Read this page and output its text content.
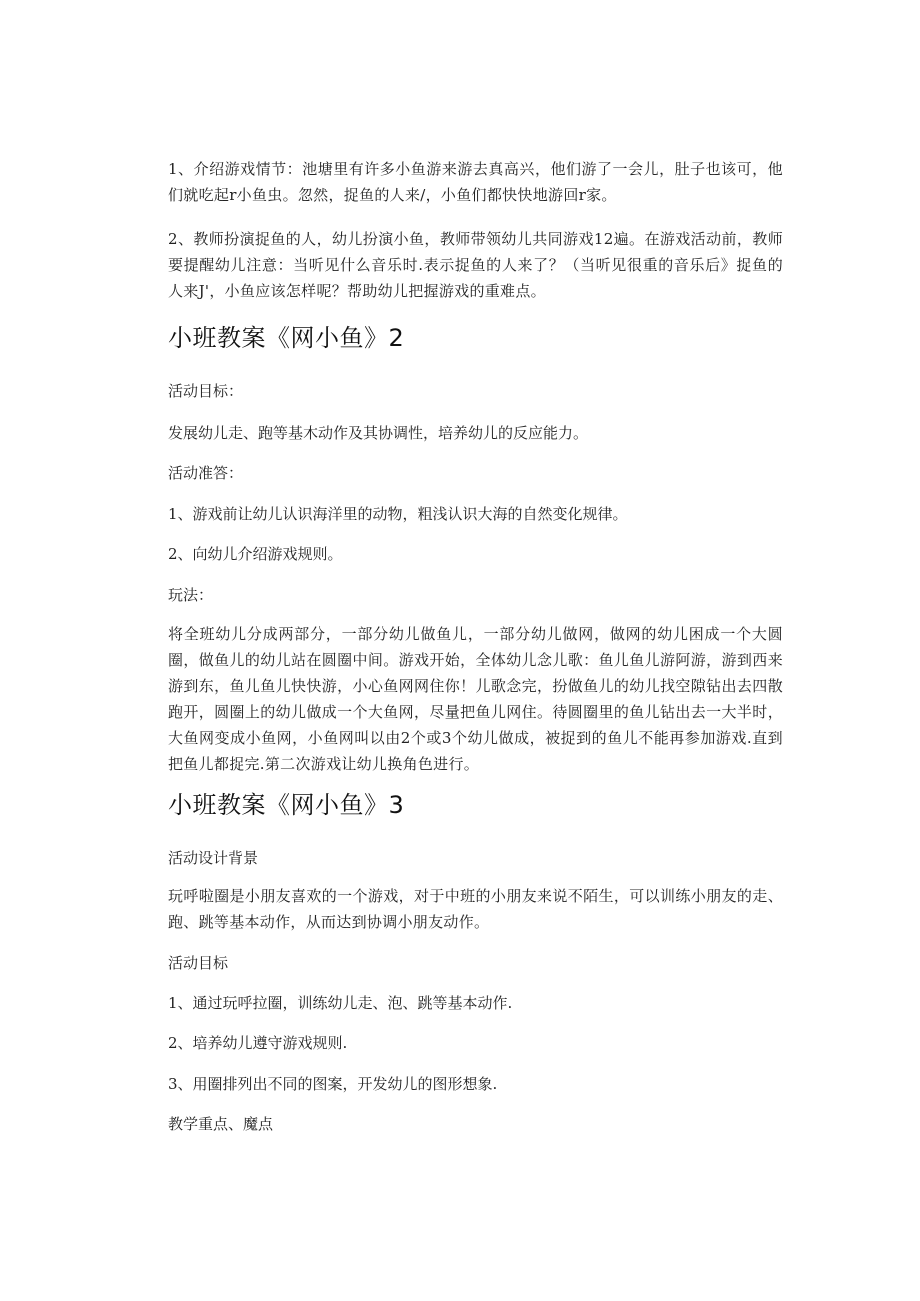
1、介绍游戏情节：池塘里有许多小鱼游来游去真高兴，他们游了一会儿，肚子也该可，他们就吃起r小鱼虫。忽然，捉鱼的人来/，小鱼们都快快地游回r家。

2、教师扮演捉鱼的人，幼儿扮演小鱼，教师带领幼儿共同游戏12遍。在游戏活动前，教师要提醒幼儿注意：当听见什么音乐时.表示捉鱼的人来了？（当听见很重的音乐后》捉鱼的人来J'，小鱼应该怎样呢？帮助幼儿把握游戏的重难点。

小班教案《网小鱼》2

活动目标：

发展幼儿走、跑等基木动作及其协调性，培养幼儿的反应能力。

活动准答：

1、游戏前让幼儿认识海洋里的动物，粗浅认识大海的自然变化规律。

2、向幼儿介绍游戏规则。

玩法：

将全班幼儿分成两部分，一部分幼儿做鱼儿，一部分幼儿做网，做网的幼儿困成一个大圆圈，做鱼儿的幼儿站在圆圈中间。游戏开始，全体幼儿念儿歌：鱼儿鱼儿游阿游，游到西来游到东，鱼儿鱼儿快快游，小心鱼网网住你！儿歌念完，扮做鱼儿的幼儿找空隙钻出去四散跑开，圆圈上的幼儿做成一个大鱼网，尽量把鱼儿网住。待圆圈里的鱼儿钻出去一大半时，大鱼网变成小鱼网，小鱼网叫以由2个或3个幼儿做成，被捉到的鱼儿不能再参加游戏.直到把鱼儿都捉完.第二次游戏让幼儿换角色进行。

小班教案《网小鱼》3

活动设计背景

玩呼啦圈是小朋友喜欢的一个游戏，对于中班的小朋友来说不陌生，可以训练小朋友的走、跑、跳等基本动作，从而达到协调小朋友动作。

活动目标

1、通过玩呼拉圈，训练幼儿走、泡、跳等基本动作.

2、培养幼儿遵守游戏规则.

3、用圈排列出不同的图案，开发幼儿的图形想象.

教学重点、魔点
